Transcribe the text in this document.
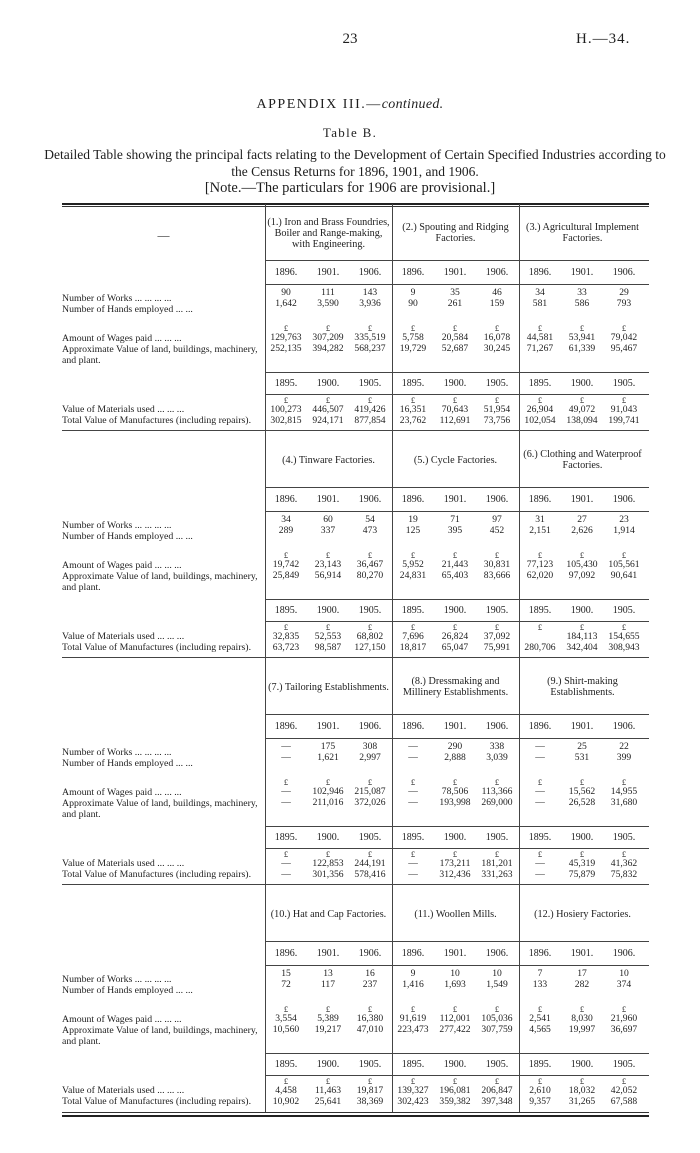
23	H.—34.
APPENDIX III.—continued.
Table B.
Detailed Table showing the principal facts relating to the Development of Certain Specified Industries according to the Census Returns for 1896, 1901, and 1906.
[Note.—The particulars for 1906 are provisional.]
—
Number of Works ... ... ... ...
Number of Hands employed ... ...
Amount of Wages paid ... ... ...
Approximate Value of land, buildings, machinery, and plant.
Value of Materials used ... ... ...
Total Value of Manufactures (including repairs).
(1.) Iron and Brass Foundries, Boiler and Range-making, with Engineering.
1896.
1895.
£
£
90
1,642
129,763
252,135
100,273
302,815
1901.
1900.
£
£
111
3,590
307,209
394,282
446,507
924,171
1906.
1905.
£
£
143
3,936
335,519
568,237
419,426
877,854
(2.) Spouting and Ridging Factories.
1896.
1895.
£
£
9
90
5,758
19,729
16,351
23,762
1901.
1900.
£
£
35
261
20,584
52,687
70,643
112,691
1906.
1905.
£
£
46
159
16,078
30,245
51,954
73,756
(3.) Agricultural Implement Factories.
1896.
1895.
£
£
34
581
44,581
71,267
26,904
102,054
1901.
1900.
£
£
33
586
53,941
61,339
49,072
138,094
1906.
1905.
£
£
29
793
79,042
95,467
91,043
199,741
Number of Works ... ... ... ...
Number of Hands employed ... ...
Amount of Wages paid ... ... ...
Approximate Value of land, buildings, machinery, and plant.
Value of Materials used ... ... ...
Total Value of Manufactures (including repairs).
(4.) Tinware Factories.
1896.
1895.
£
£
34
289
19,742
25,849
32,835
63,723
1901.
1900.
£
£
60
337
23,143
56,914
52,553
98,587
1906.
1905.
£
£
54
473
36,467
80,270
68,802
127,150
(5.) Cycle Factories.
1896.
1895.
£
£
19
125
5,952
24,831
7,696
18,817
1901.
1900.
£
£
71
395
21,443
65,403
26,824
65,047
1906.
1905.
£
£
97
452
30,831
83,666
37,092
75,991
(6.) Clothing and Waterproof Factories.
1896.
1895.
£
£
31
2,151
77,123
62,020
280,706
1901.
1900.
£
£
27
2,626
105,430
97,092
184,113
342,404
1906.
1905.
£
£
23
1,914
105,561
90,641
154,655
308,943
Number of Works ... ... ... ...
Number of Hands employed ... ...
Amount of Wages paid ... ... ...
Approximate Value of land, buildings, machinery, and plant.
Value of Materials used ... ... ...
Total Value of Manufactures (including repairs).
(7.) Tailoring Establishments.
1896.
1895.
£
£
—
—
—
—
—
—
1901.
1900.
£
£
175
1,621
102,946
211,016
122,853
301,356
1906.
1905.
£
£
308
2,997
215,087
372,026
244,191
578,416
(8.) Dressmaking and Millinery Establishments.
1896.
1895.
£
£
—
—
—
—
—
—
1901.
1900.
£
£
290
2,888
78,506
193,998
173,211
312,436
1906.
1905.
£
£
338
3,039
113,366
269,000
181,201
331,263
(9.) Shirt-making Establishments.
1896.
1895.
£
£
—
—
—
—
—
—
1901.
1900.
£
£
25
531
15,562
26,528
45,319
75,879
1906.
1905.
£
£
22
399
14,955
31,680
41,362
75,832
Number of Works ... ... ... ...
Number of Hands employed ... ...
Amount of Wages paid ... ... ...
Approximate Value of land, buildings, machinery, and plant.
Value of Materials used ... ... ...
Total Value of Manufactures (including repairs).
(10.) Hat and Cap Factories.
1896.
1895.
£
£
15
72
3,554
10,560
4,458
10,902
1901.
1900.
£
£
13
117
5,389
19,217
11,463
25,641
1906.
1905.
£
£
16
237
16,380
47,010
19,817
38,369
(11.) Woollen Mills.
1896.
1895.
£
£
9
1,416
91,619
223,473
139,327
302,423
1901.
1900.
£
£
10
1,693
112,001
277,422
196,081
359,382
1906.
1905.
£
£
10
1,549
105,036
307,759
206,847
397,348
(12.) Hosiery Factories.
1896.
1895.
£
£
7
133
2,541
4,565
2,610
9,357
1901.
1900.
£
£
17
282
8,030
19,997
18,032
31,265
1906.
1905.
£
£
10
374
21,960
36,697
42,052
67,588
